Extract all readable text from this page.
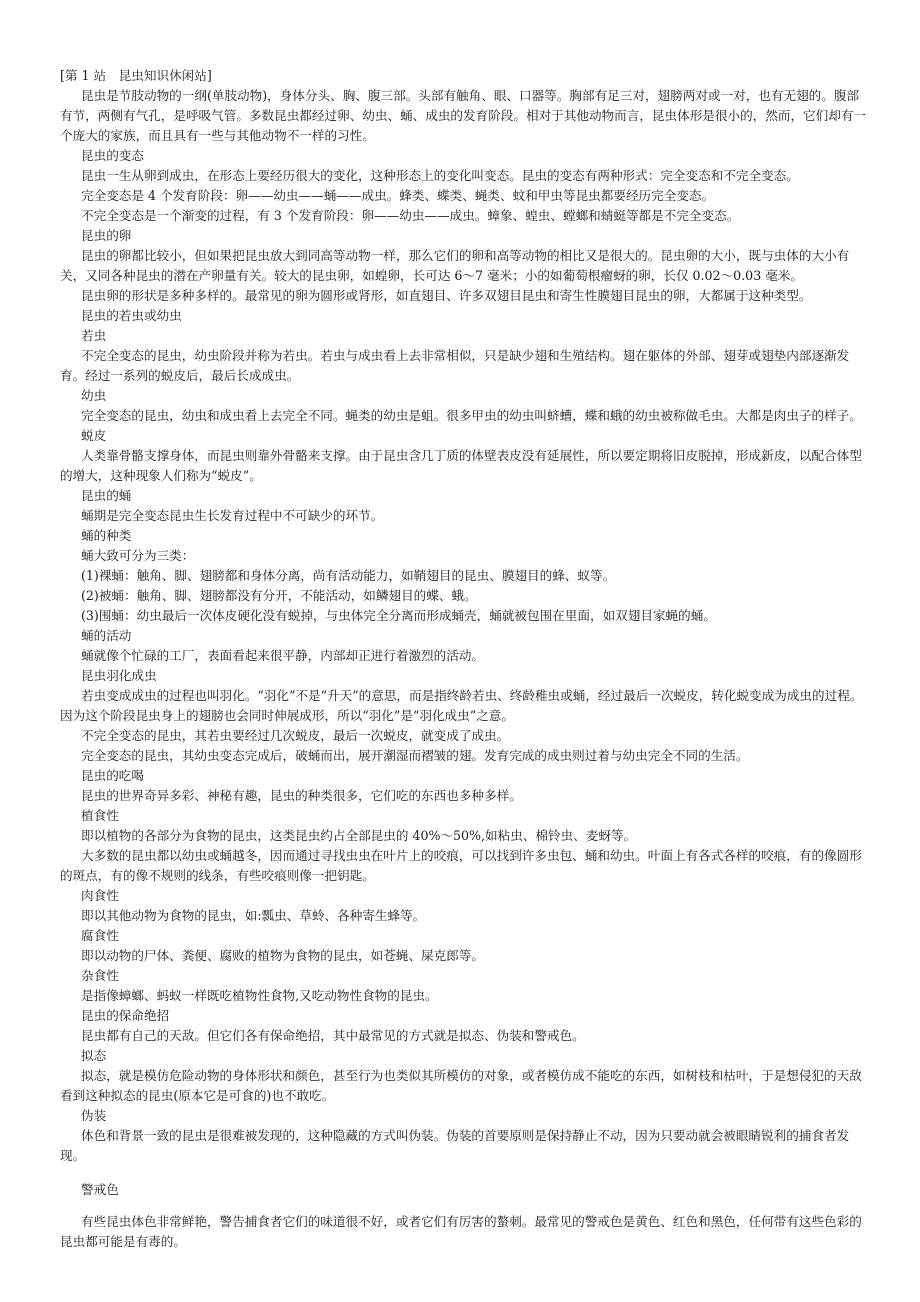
[第 1 站　昆虫知识休闲站]

昆虫是节肢动物的一纲(单肢动物)，身体分头、胸、腹三部。头部有触角、眼、口器等。胸部有足三对，翅膀两对或一对，也有无翅的。腹部有节，两侧有气孔，是呼吸气管。多数昆虫都经过卵、幼虫、蛹、成虫的发育阶段。相对于其他动物而言，昆虫体形是很小的，然而，它们却有一个庞大的家族，而且具有一些与其他动物不一样的习性。

昆虫的变态

昆虫一生从卵到成虫，在形态上要经历很大的变化，这种形态上的变化叫变态。昆虫的变态有两种形式：完全变态和不完全变态。

完全变态是 4 个发育阶段：卵——幼虫——蛹——成虫。蜂类、蝶类、蝇类、蚊和甲虫等昆虫都要经历完全变态。

不完全变态是一个渐变的过程，有 3 个发育阶段：卵——幼虫——成虫。蟑象、蝗虫、螳螂和蜻蜓等都是不完全变态。

昆虫的卵

昆虫的卵都比较小，但如果把昆虫放大到同高等动物一样，那么它们的卵和高等动物的相比又是很大的。昆虫卵的大小，既与虫体的大小有关，又同各种昆虫的潜在产卵量有关。较大的昆虫卵，如蝗卵，长可达 6～7 毫米；小的如葡萄根瘤蚜的卵，长仅 0.02～0.03 毫米。

昆虫卵的形状是多种多样的。最常见的卵为圆形或肾形，如直翅目、许多双翅目昆虫和寄生性膜翅目昆虫的卵，大都属于这种类型。

昆虫的若虫或幼虫

若虫

不完全变态的昆虫，幼虫阶段并称为若虫。若虫与成虫看上去非常相似，只是缺少翅和生殖结构。翅在躯体的外部、翅芽或翅垫内部逐渐发育。经过一系列的蜕皮后，最后长成成虫。

幼虫

完全变态的昆虫，幼虫和成虫看上去完全不同。蝇类的幼虫是蛆。很多甲虫的幼虫叫蛴螬，蝶和蛾的幼虫被称做毛虫。大都是肉虫子的样子。

蜕皮

人类靠骨骼支撑身体，而昆虫则靠外骨骼来支撑。由于昆虫含几丁质的体壁表皮没有延展性，所以要定期将旧皮脱掉，形成新皮，以配合体型的增大，这种现象人们称为“蜕皮”。

昆虫的蛹

蛹期是完全变态昆虫生长发育过程中不可缺少的环节。

蛹的种类

蛹大致可分为三类：

(1)裸蛹：触角、脚、翅膀都和身体分离，尚有活动能力，如鞘翅目的昆虫、膜翅目的蜂、蚁等。

(2)被蛹：触角、脚、翅膀都没有分开，不能活动，如鳞翅目的蝶、蛾。

(3)围蛹：幼虫最后一次体皮硬化没有蜕掉，与虫体完全分离而形成蛹壳，蛹就被包围在里面，如双翅目家蝇的蛹。

蛹的活动

蛹就像个忙碌的工厂，表面看起来很平静，内部却正进行着激烈的活动。

昆虫羽化成虫

若虫变成成虫的过程也叫羽化。“羽化”不是“升天”的意思，而是指终龄若虫、终龄稚虫或蛹，经过最后一次蜕皮，转化蜕变成为成虫的过程。因为这个阶段昆虫身上的翅膀也会同时伸展成形，所以“羽化”是“羽化成虫”之意。

不完全变态的昆虫，其若虫要经过几次蜕皮，最后一次蜕皮，就变成了成虫。

完全变态的昆虫，其幼虫变态完成后，破蛹而出，展开潮湿而褶皱的翅。发育完成的成虫则过着与幼虫完全不同的生活。

昆虫的吃喝

昆虫的世界奇异多彩、神秘有趣，昆虫的种类很多，它们吃的东西也多种多样。

植食性

即以植物的各部分为食物的昆虫，这类昆虫约占全部昆虫的 40%～50%,如粘虫、棉铃虫、麦蚜等。

大多数的昆虫都以幼虫或蛹越冬，因而通过寻找虫虫在叶片上的咬痕，可以找到许多虫包、蛹和幼虫。叶面上有各式各样的咬痕，有的像圆形的斑点，有的像不规则的线条，有些咬痕则像一把钥匙。

肉食性

即以其他动物为食物的昆虫，如:瓢虫、草蛉、各种寄生蜂等。

腐食性

即以动物的尸体、粪便、腐败的植物为食物的昆虫，如苍蝇、屎克郎等。

杂食性

是指像蟑螂、蚂蚁一样既吃植物性食物,又吃动物性食物的昆虫。

昆虫的保命绝招

昆虫都有自己的天敌。但它们各有保命绝招，其中最常见的方式就是拟态、伪装和警戒色。

拟态

拟态，就是模仿危险动物的身体形状和颜色，甚至行为也类似其所模仿的对象，或者模仿成不能吃的东西，如树枝和枯叶，于是想侵犯的天敌看到这种拟态的昆虫(原本它是可食的)也不敢吃。

伪装

体色和背景一致的昆虫是很难被发现的，这种隐藏的方式叫伪装。伪装的首要原则是保持静止不动，因为只要动就会被眼睛锐利的捕食者发现。

警戒色

有些昆虫体色非常鲜艳，警告捕食者它们的味道很不好，或者它们有厉害的螯刺。最常见的警戒色是黄色、红色和黑色，任何带有这些色彩的昆虫都可能是有毒的。
